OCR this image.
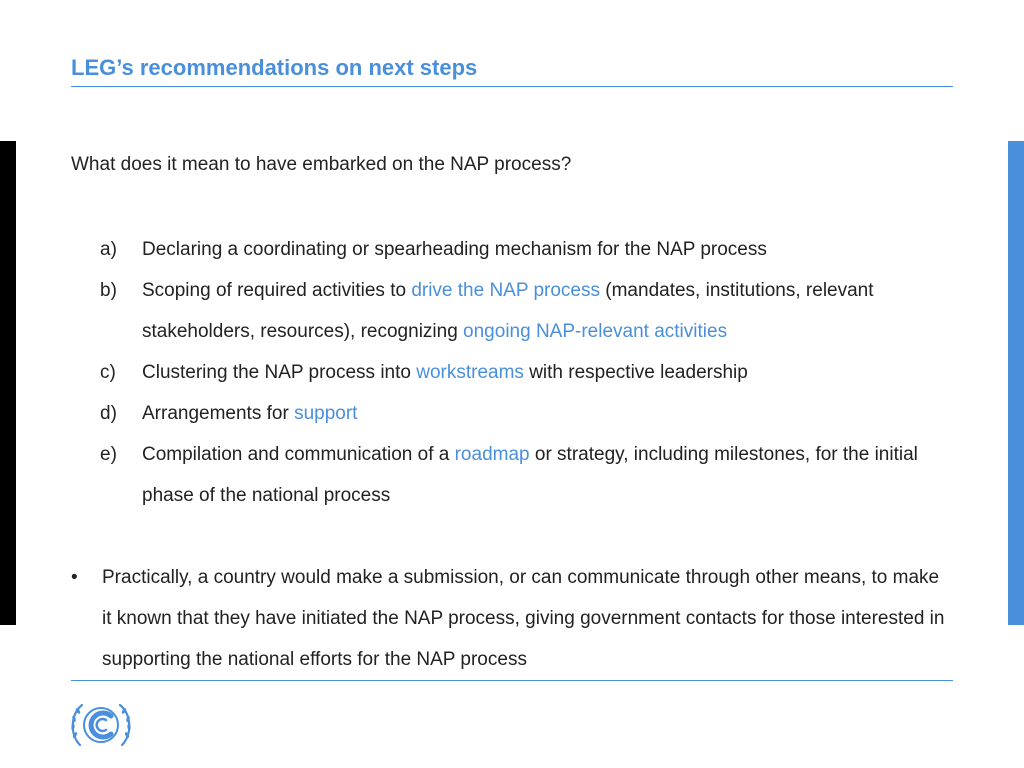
LEG’s recommendations on next steps

What does it mean to have embarked on the NAP process?

a) Declaring a coordinating or spearheading mechanism for the NAP process
b) Scoping of required activities to drive the NAP process (mandates, institutions, relevant stakeholders, resources), recognizing ongoing NAP-relevant activities
c) Clustering the NAP process into workstreams with respective leadership
d) Arrangements for support
e) Compilation and communication of a roadmap or strategy, including milestones, for the initial phase of the national process
• Practically, a country would make a submission, or can communicate through other means, to make it known that they have initiated the NAP process, giving government contacts for those interested in supporting the national efforts for the NAP process
